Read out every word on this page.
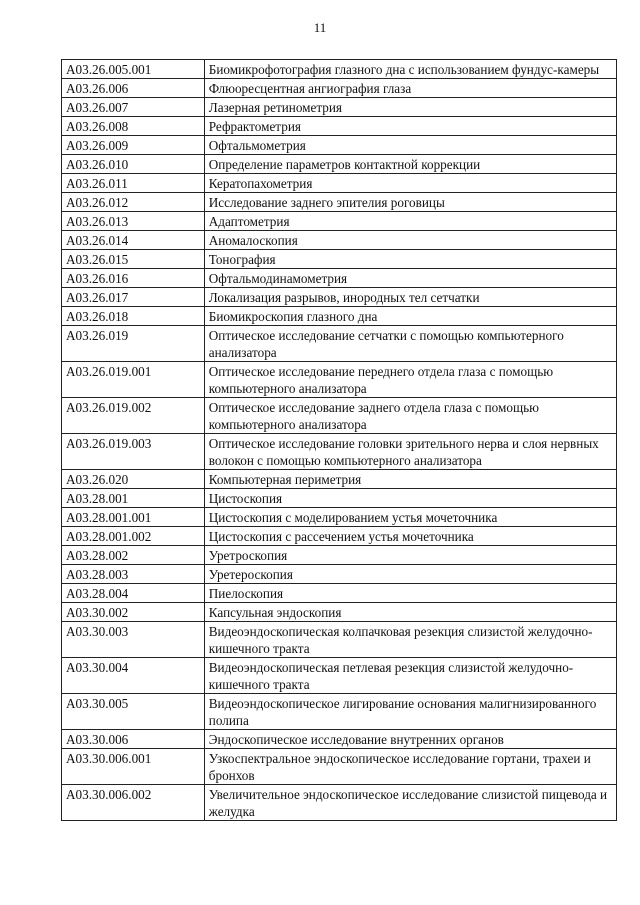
11
A03.26.005.001	Биомикрофотография глазного дна с использованием фундус-камеры
A03.26.006	Флюоресцентная ангиография глаза
A03.26.007	Лазерная ретинометрия
A03.26.008	Рефрактометрия
A03.26.009	Офтальмометрия
A03.26.010	Определение параметров контактной коррекции
A03.26.011	Кератопахометрия
A03.26.012	Исследование заднего эпителия роговицы
A03.26.013	Адаптометрия
A03.26.014	Аномалоскопия
A03.26.015	Тонография
A03.26.016	Офтальмодинамометрия
A03.26.017	Локализация разрывов, инородных тел сетчатки
A03.26.018	Биомикроскопия глазного дна
A03.26.019	Оптическое исследование сетчатки с помощью компьютерного анализатора
A03.26.019.001	Оптическое исследование переднего отдела глаза с помощью компьютерного анализатора
A03.26.019.002	Оптическое исследование заднего отдела глаза с помощью компьютерного анализатора
A03.26.019.003	Оптическое исследование головки зрительного нерва и слоя нервных волокон с помощью компьютерного анализатора
A03.26.020	Компьютерная периметрия
A03.28.001	Цистоскопия
A03.28.001.001	Цистоскопия с моделированием устья мочеточника
A03.28.001.002	Цистоскопия с рассечением устья мочеточника
A03.28.002	Уретроскопия
A03.28.003	Уретероскопия
A03.28.004	Пиелоскопия
A03.30.002	Капсульная эндоскопия
A03.30.003	Видеоэндоскопическая колпачковая резекция слизистой желудочно-кишечного тракта
A03.30.004	Видеоэндоскопическая петлевая резекция слизистой желудочно-кишечного тракта
A03.30.005	Видеоэндоскопическое лигирование основания малигнизированного полипа
A03.30.006	Эндоскопическое исследование внутренних органов
A03.30.006.001	Узкоспектральное эндоскопическое исследование гортани, трахеи и бронхов
A03.30.006.002	Увеличительное эндоскопическое исследование слизистой пищевода и желудка
